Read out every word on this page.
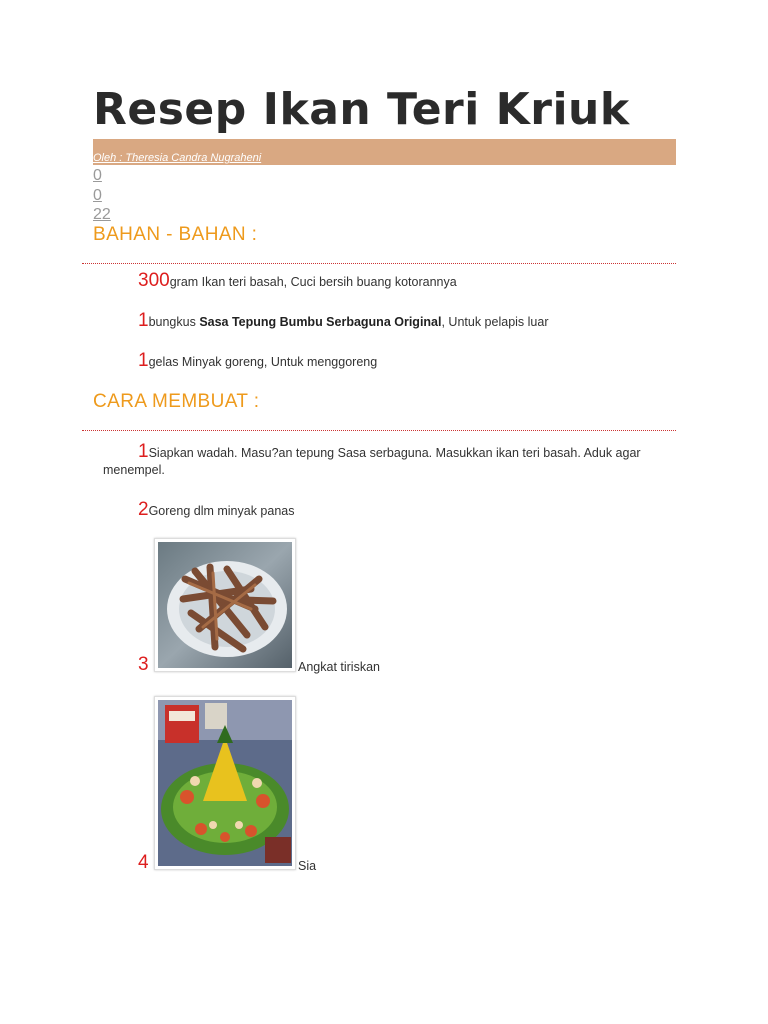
Resep Ikan Teri Kriuk
Oleh : Theresia Candra Nugraheni
0
0
22
BAHAN - BAHAN :
300gram Ikan teri basah, Cuci bersih buang kotorannya
1bungkus Sasa Tepung Bumbu Serbaguna Original, Untuk pelapis luar
1gelas Minyak goreng, Untuk menggoreng
CARA MEMBUAT :
1Siapkan wadah. Masu?an tepung Sasa serbaguna. Masukkan ikan teri basah. Aduk agar menempel.
2Goreng dlm minyak panas
3	Angkat tiriskan
4	Sia
